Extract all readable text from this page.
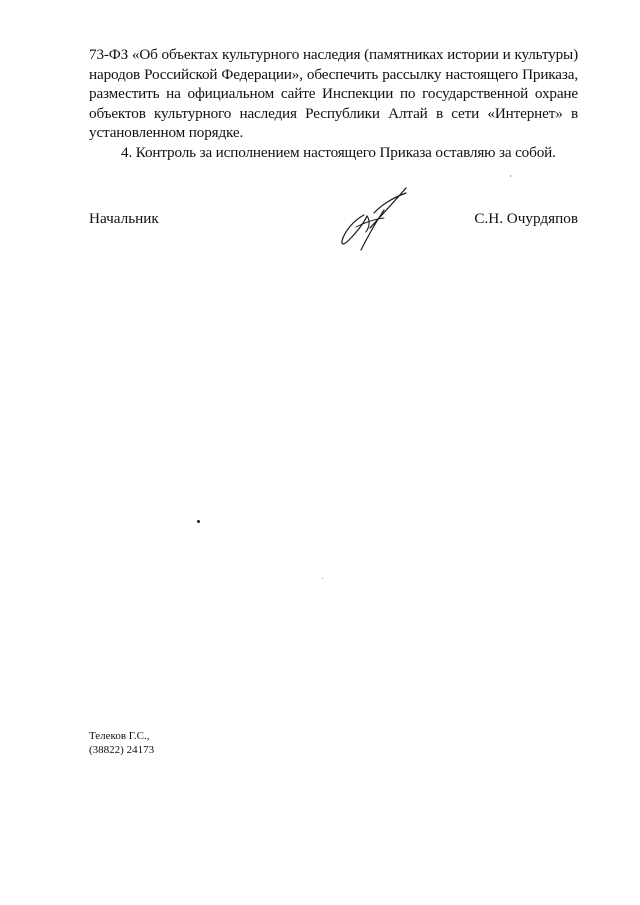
73-ФЗ «Об объектах культурного наследия (памятниках истории и культуры) народов Российской Федерации», обеспечить рассылку настоящего Приказа, разместить на официальном сайте Инспекции по государственной охране объектов культурного наследия Республики Алтай в сети «Интернет» в установленном порядке.

4. Контроль за исполнением настоящего Приказа оставляю за собой.

Начальник	С.Н. Очурдяпов
Телеков Г.С.,
(38822) 24173
